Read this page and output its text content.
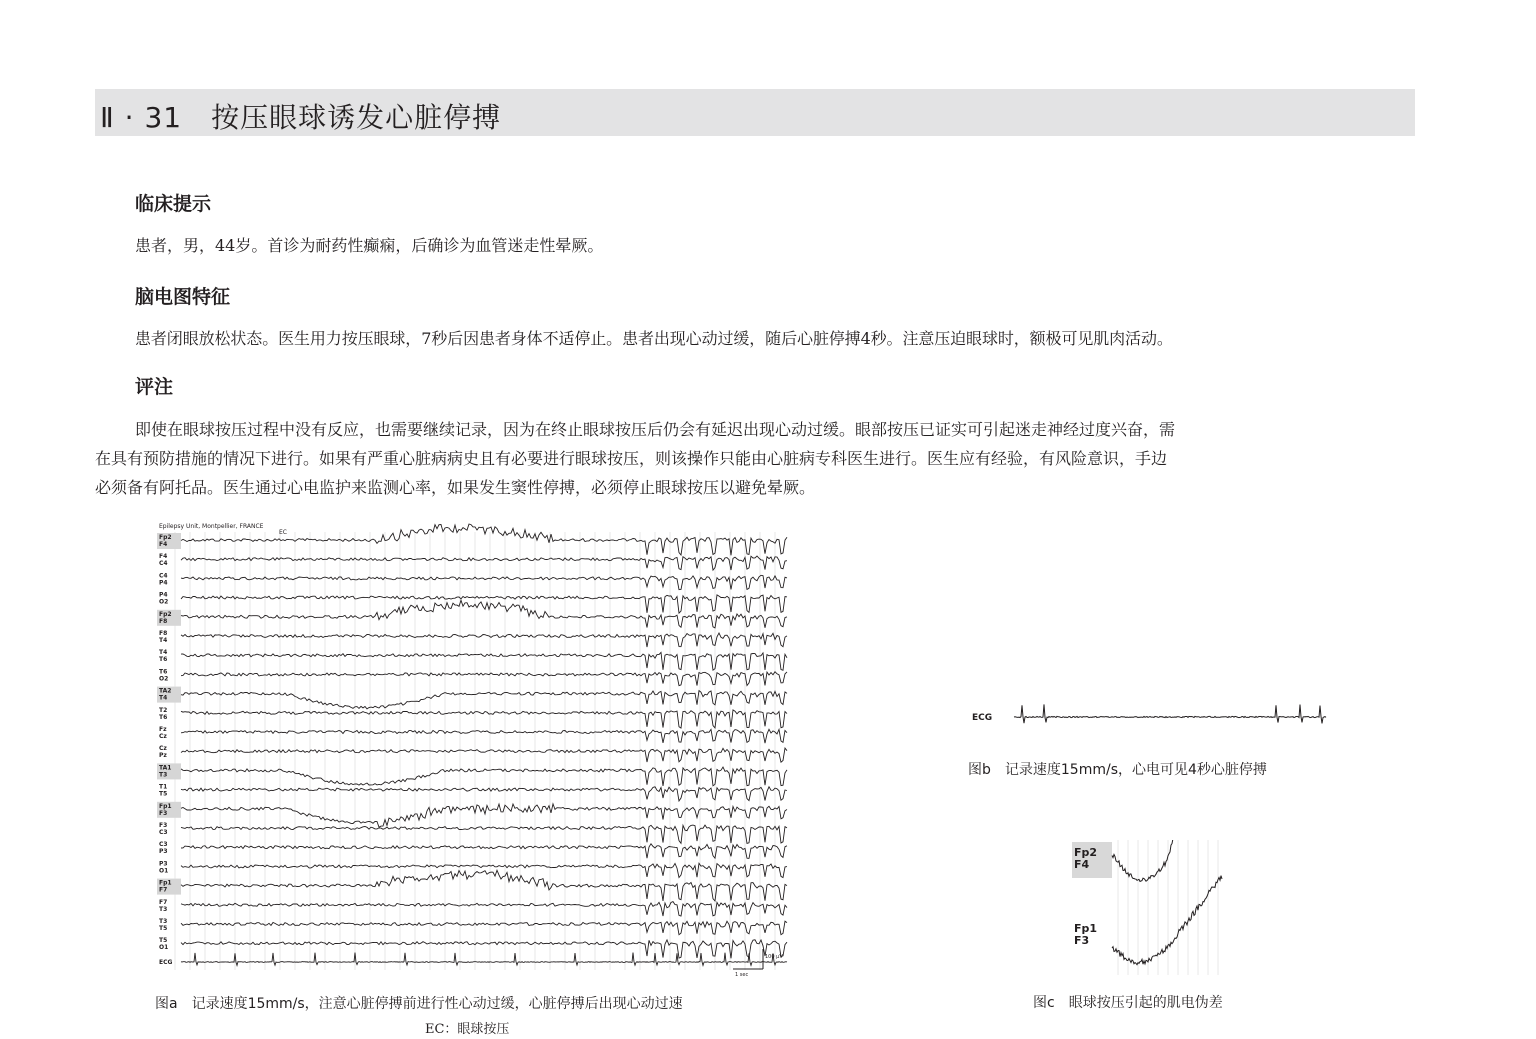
Ⅱ · 31　 按压眼球诱发心脏停搏
临床提示
患者，男，44岁。首诊为耐药性癫痫，后确诊为血管迷走性晕厥。
脑电图特征
患者闭眼放松状态。医生用力按压眼球，7秒后因患者身体不适停止。患者出现心动过缓，随后心脏停搏4秒。注意压迫眼球时，额极可见肌肉活动。
评注
即使在眼球按压过程中没有反应，也需要继续记录，因为在终止眼球按压后仍会有延迟出现心动过缓。眼部按压已证实可引起迷走神经过度兴奋，需
在具有预防措施的情况下进行。如果有严重心脏病病史且有必要进行眼球按压，则该操作只能由心脏病专科医生进行。医生应有经验，有风险意识，手边
必须备有阿托品。医生通过心电监护来监测心率，如果发生窦性停搏，必须停止眼球按压以避免晕厥。
Epilepsy Unit, Montpellier, FRANCE
EC
Fp2
F4
F4
C4
C4
P4
P4
O2
Fp2
F8
F8
T4
T4
T6
T6
O2
TA2
T4
T2
T6
Fz
Cz
Cz
Pz
TA1
T3
T1
T5
Fp1
F3
F3
C3
C3
P3
P3
O1
Fp1
F7
F7
T3
T3
T5
T5
O1
ECG
100 µV
1 sec
图a　记录速度15mm/s，注意心脏停搏前进行性心动过缓，心脏停搏后出现心动过速
EC：眼球按压
ECG
图b　记录速度15mm/s，心电可见4秒心脏停搏
Fp2
F4
Fp1
F3
图c　眼球按压引起的肌电伪差
